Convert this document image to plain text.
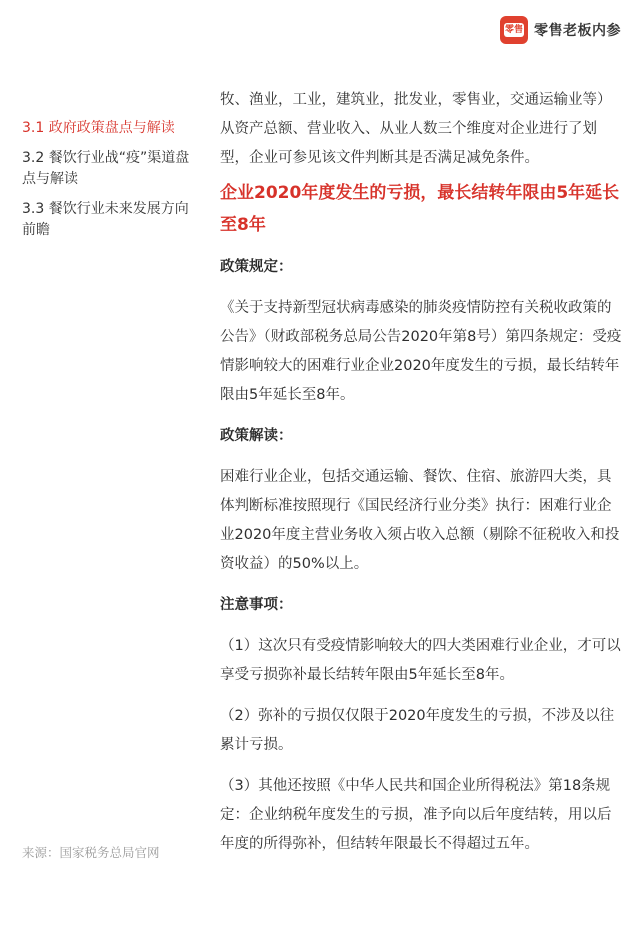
零售 零售老板内参
3.1 政府政策盘点与解读
3.2 餐饮行业战“疫”渠道盘点与解读
3.3 餐饮行业未来发展方向前瞻
来源：国家税务总局官网

牧、渔业，工业，建筑业，批发业，零售业，交通运输业等）从资产总额、营业收入、从业人数三个维度对企业进行了划型，企业可参见该文件判断其是否满足减免条件。

企业2020年度发生的亏损，最长结转年限由5年延长至8年

政策规定：

《关于支持新型冠状病毒感染的肺炎疫情防控有关税收政策的公告》（财政部税务总局公告2020年第8号）第四条规定：受疫情影响较大的困难行业企业2020年度发生的亏损，最长结转年限由5年延长至8年。

政策解读：

困难行业企业，包括交通运输、餐饮、住宿、旅游四大类，具体判断标准按照现行《国民经济行业分类》执行：困难行业企业2020年度主营业务收入须占收入总额（剔除不征税收入和投资收益）的50%以上。

注意事项：

（1）这次只有受疫情影响较大的四大类困难行业企业，才可以享受亏损弥补最长结转年限由5年延长至8年。

（2）弥补的亏损仅仅限于2020年度发生的亏损，不涉及以往累计亏损。

（3）其他还按照《中华人民共和国企业所得税法》第18条规定：企业纳税年度发生的亏损，准予向以后年度结转，用以后年度的所得弥补，但结转年限最长不得超过五年。
